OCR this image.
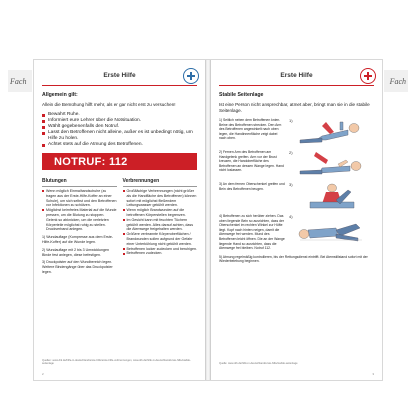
Fach	Fach
Erste Hilfe
Allgemein gilt:
Allein die Bemühung hilft mehr, als er gar nicht erst zu versuchen!
Bewahrt Ruhe.
Informiert eure Lehrer über die Notsituation.
Wählt gegebenenfalls den Notruf.
Lasst den Betroffenen nicht alleine, außer es ist unbedingt nötig, um Hilfe zu holen.
Achtet stets auf die Atmung des Betroffenen.
NOTRUF: 112
Blutungen
Wenn möglich Einmalhandschuhe (zu tragen aus der Erste-Hilfe-Koffer an einer Schule), um sich selbst und den Betroffenen vor Infektionen zu schützen.
Möglichst keimfreies Material auf die Wunde pressen, um die Blutung zu stoppen. Gelenk so abknicken, um die verletzten Körperteile möglichst ruhig zu stellen. Druckverband anlegen.
1) Wundauflage (Kompresse aus dem Erste-Hilfe-Koffer) auf die Wunde legen.
2) Wundauflage mit 2 bis 3 Umwicklungen Binde fest anlegen, diese befestigen.
3) Druckpolster auf den Wundbereich legen. Weitere Bindengänge über das Druckpolster legen.
Verbrennungen
Großflächige Verbrennungen (nicht größer als die Handfläche des Betroffenen) können sofort mit möglichst fließendem Leitungswasser gekühlt werden.
Wenn möglich Brandwunden auf die betroffenen Körperstellen begrenzen.
Im Gesicht kann mit feuchten Tüchern gekühlt werden. Alles darauf achten, dass die Atemwege freigehalten werden.
Größere verbrannte Körperoberflächen / Brandwunden sollen aufgrund der Gefahr einer Unterkühlung nicht gekühlt werden.
Betroffenen locker zudecken und beruhigen.
Betroffenen zudecken.
Quellen: www.drk.de/hilfe-in-deutschland/erste-hilfe/erste-hilfe-verbrennungen, www.drk.de/hilfe-in-deutschland/erste-hilfe/stabile-seitenlage
2
Erste Hilfe
Stabile Seitenlage
Ist eine Person nicht ansprechbar, atmet aber, bringt man sie in die stabile Seitenlage.
1) Seitlich neben dem Betroffenen knien. Beine des Betroffenen strecken. Den Arm des Betroffenen angewinkelt nach oben legen, die Handinnenfläche zeigt dabei nach oben.
1)
2) Fernen Arm des Betroffenen am Handgelenk greifen. Arm vor der Brust kreuzen, die Handoberfläche des Betroffenen an dessen Wange legen. Hand nicht loslassen.
2)
3) An dem fernen Oberschenkel greifen und Bein des Betroffenen beugen.
3)
4) Betroffenen zu sich herüber ziehen. Das oben liegende Bein so ausrichten, dass der Oberschenkel im rechten Winkel zur Hüfte liegt. Kopf nach hinten neigen, damit die Atemwege frei werden. Mund des Betroffenen leicht öffnen. Die an der Wange liegende Hand so ausrichten, dass die Atemwege frei bleiben. Notruf 112.
4)
5) Atmung regelmäßig kontrollieren, bis der Rettungsdienst eintrifft. Bei Atemstillstand sofort mit der Wiederbelebung beginnen.
Quelle: www.drk.de/hilfe-in-deutschland/erste-hilfe/stabile-seitenlage
3
